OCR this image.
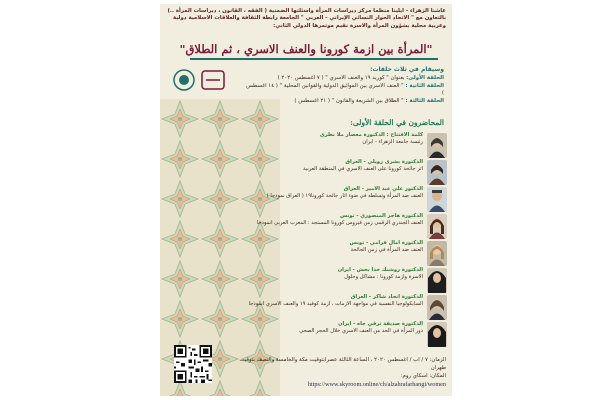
عاشنا الزهراء - ايلينا منظما مركز ديراسات المرأة واسئلتها الضمنية ( الفقه ، القانون ، ديراسات المرأة ..) بالتعاون مع " الاتحاد الحوار النسائي الإيراني - العربي " الجامعة رابطة الثقافة والعلاقات الاسلامية دولية وعربية محلية بشؤون المرأة والاسرة نقيم موتمرها الدولي الثاني:
"المرأة بين ازمة كورونا والعنف الاسري ، ثم الطلاق"
وسيقام في ثلاث حلقات:
الحلقة الأولى: بعنوان " كوريد ١٩ والعنف الاسري " ( ٧ اغسطس ٢٠٢٠ )
الحلقة الثانية : " العنف الاسري بين المواثيق الدولية والقوانين المحلية " ( ١٤ اغسطس )
الحلقة الثالثة : " الطلاق بين الشريعة والقانون " ( ٢١ اغسطس )
المحاضرون في الحلقة الأولى:
كلمة الافتتاح : الدكتورة معصار ملا نظري
رئيسة جامعة الزهراء - ايران
الدكتورة بشرى زويلي - العراق
اثر جائحة كورونا على العنف الاسري في المنطقة العربية
الدكتور علي عبد الامير - العراق
العنف ضد المرأة وتسلطه في ضوء اثار جائحة كورونا١٩ ( العراق نموذجا )
الدكتورة هاجر المنصوري - تونس
العنف الجندري الرقمي زمن فيروس كورونا المستجد : المغرب العربي انموذجا
الدكتورة امال فرامي - تونس
العنف ضد المرأة في زمن الجائحة
الدكتورة روشنك خدا بخش - ايران
الاسرة وازمة كورونا : مشاكل وحلول
الدكتورة اتحاد شاكر - العراق
السايكولوجيا النفسية في مواجهة الازمات ، ازمة كوفيد ١٩ والعنف الاسري انموذجا
الدكتورة صديقة ترقي جاه - ايران
دور المرأة في الحد من العنف الاسري خلال الحجر الصحي
الزمان: ٧ / اب / اغسطس ٢٠٢٠ ، الساعة الثالثة عصرابتوقيت مكة والخامسة والنصف بتوقيت طهران
المكان: اسكاي روم:
https://www.skyroom.online/ch/alzahrafarhangi/women
